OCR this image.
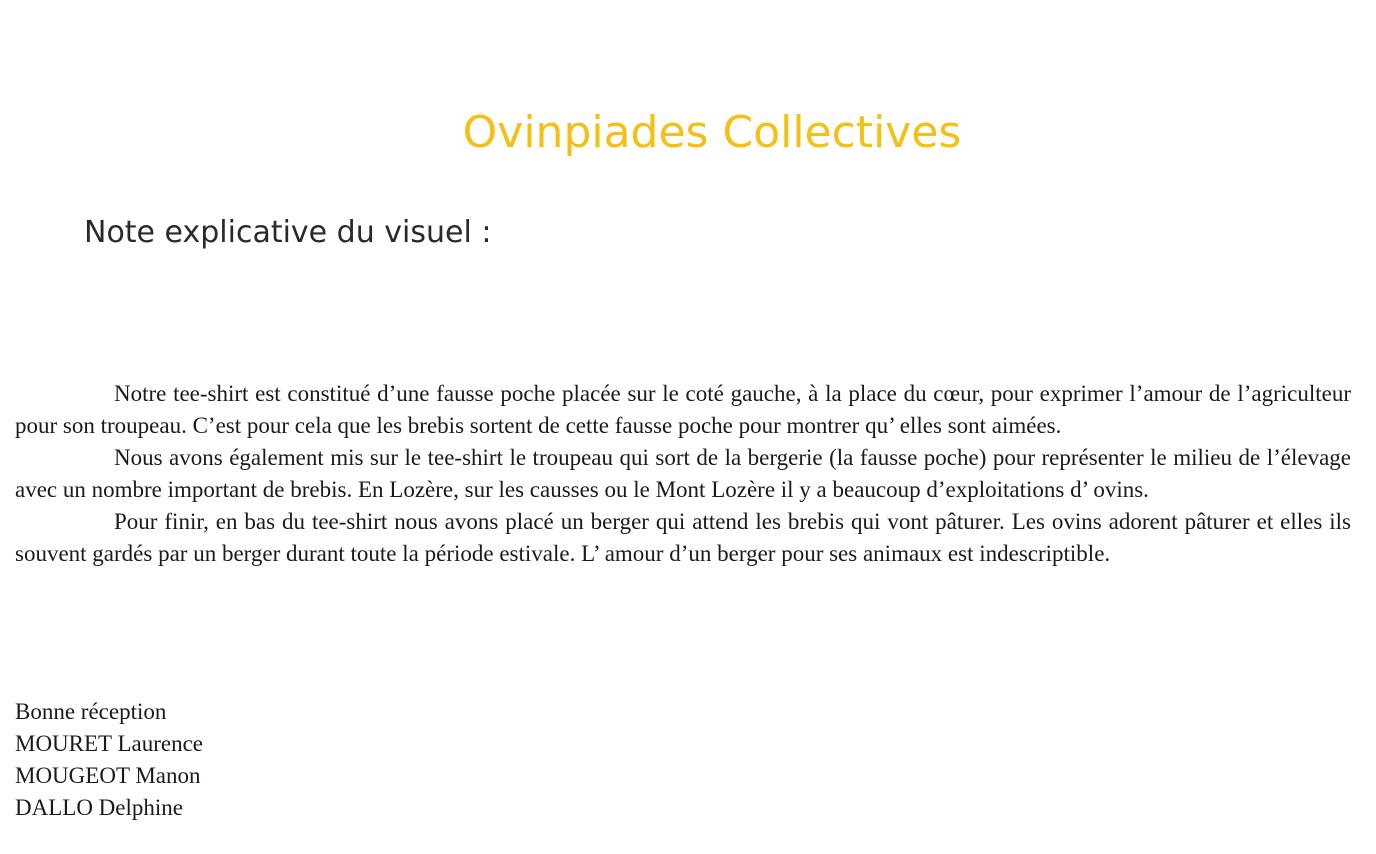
Ovinpiades Collectives
Note explicative du visuel :

Notre tee-shirt est constitué d’une fausse poche placée sur le coté gauche, à la place du cœur, pour exprimer l’amour de l’agriculteur pour son troupeau. C’est pour cela que les brebis sortent de cette fausse poche pour montrer qu’ elles sont aimées.

Nous avons également mis sur le tee-shirt le troupeau qui sort de la bergerie (la fausse poche) pour représenter le milieu de l’élevage avec un nombre important de brebis. En Lozère, sur les causses ou le Mont Lozère il y a beaucoup d’exploitations d’ ovins.

Pour finir, en bas du tee-shirt nous avons placé un berger qui attend les brebis qui vont pâturer. Les ovins adorent pâturer et elles ils souvent gardés par un berger durant toute la période estivale. L’ amour d’un berger pour ses animaux est indescriptible.

Bonne réception
MOURET Laurence
MOUGEOT Manon
DALLO Delphine
